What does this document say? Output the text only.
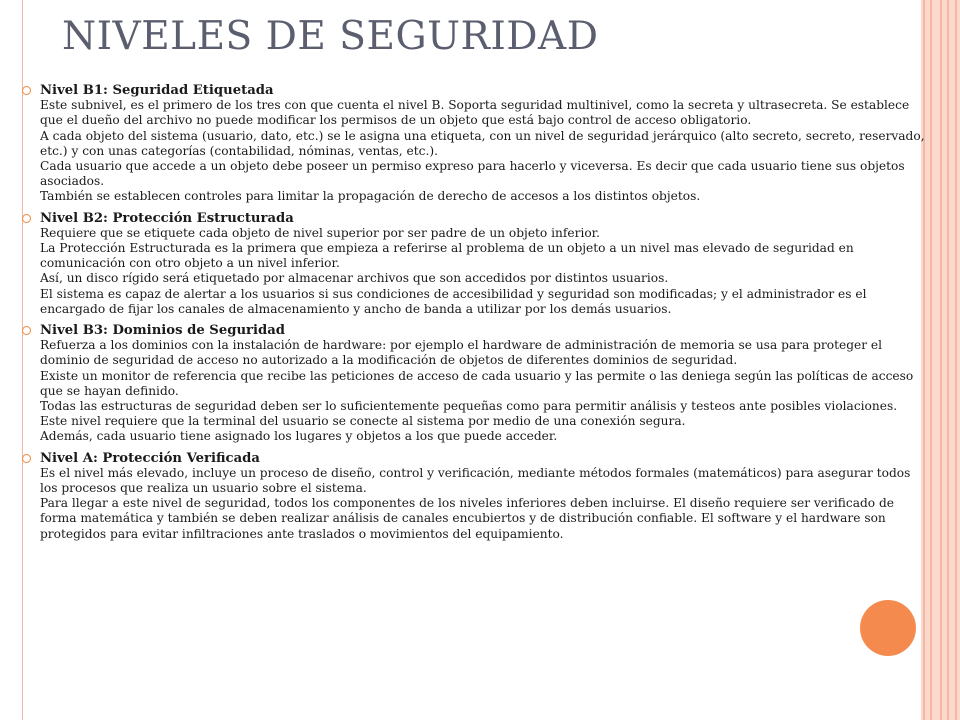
NIVELES DE SEGURIDAD
Nivel B1: Seguridad Etiquetada
Este subnivel, es el primero de los tres con que cuenta el nivel B. Soporta seguridad multinivel, como la secreta y ultrasecreta. Se establece que el dueño del archivo no puede modificar los permisos de un objeto que está bajo control de acceso obligatorio.
A cada objeto del sistema (usuario, dato, etc.) se le asigna una etiqueta, con un nivel de seguridad jerárquico (alto secreto, secreto, reservado, etc.) y con unas categorías (contabilidad, nóminas, ventas, etc.).
Cada usuario que accede a un objeto debe poseer un permiso expreso para hacerlo y viceversa. Es decir que cada usuario tiene sus objetos asociados.
También se establecen controles para limitar la propagación de derecho de accesos a los distintos objetos.
Nivel B2: Protección Estructurada
Requiere que se etiquete cada objeto de nivel superior por ser padre de un objeto inferior.
La Protección Estructurada es la primera que empieza a referirse al problema de un objeto a un nivel mas elevado de seguridad en comunicación con otro objeto a un nivel inferior.
Así, un disco rígido será etiquetado por almacenar archivos que son accedidos por distintos usuarios.
El sistema es capaz de alertar a los usuarios si sus condiciones de accesibilidad y seguridad son modificadas; y el administrador es el encargado de fijar los canales de almacenamiento y ancho de banda a utilizar por los demás usuarios.
Nivel B3: Dominios de Seguridad
Refuerza a los dominios con la instalación de hardware: por ejemplo el hardware de administración de memoria se usa para proteger el dominio de seguridad de acceso no autorizado a la modificación de objetos de diferentes dominios de seguridad.
Existe un monitor de referencia que recibe las peticiones de acceso de cada usuario y las permite o las deniega según las políticas de acceso que se hayan definido.
Todas las estructuras de seguridad deben ser lo suficientemente pequeñas como para permitir análisis y testeos ante posibles violaciones.
Este nivel requiere que la terminal del usuario se conecte al sistema por medio de una conexión segura.
Además, cada usuario tiene asignado los lugares y objetos a los que puede acceder.
Nivel A: Protección Verificada
Es el nivel más elevado, incluye un proceso de diseño, control y verificación, mediante métodos formales (matemáticos) para asegurar todos los procesos que realiza un usuario sobre el sistema.
Para llegar a este nivel de seguridad, todos los componentes de los niveles inferiores deben incluirse. El diseño requiere ser verificado de forma matemática y también se deben realizar análisis de canales encubiertos y de distribución confiable. El software y el hardware son protegidos para evitar infiltraciones ante traslados o movimientos del equipamiento.
